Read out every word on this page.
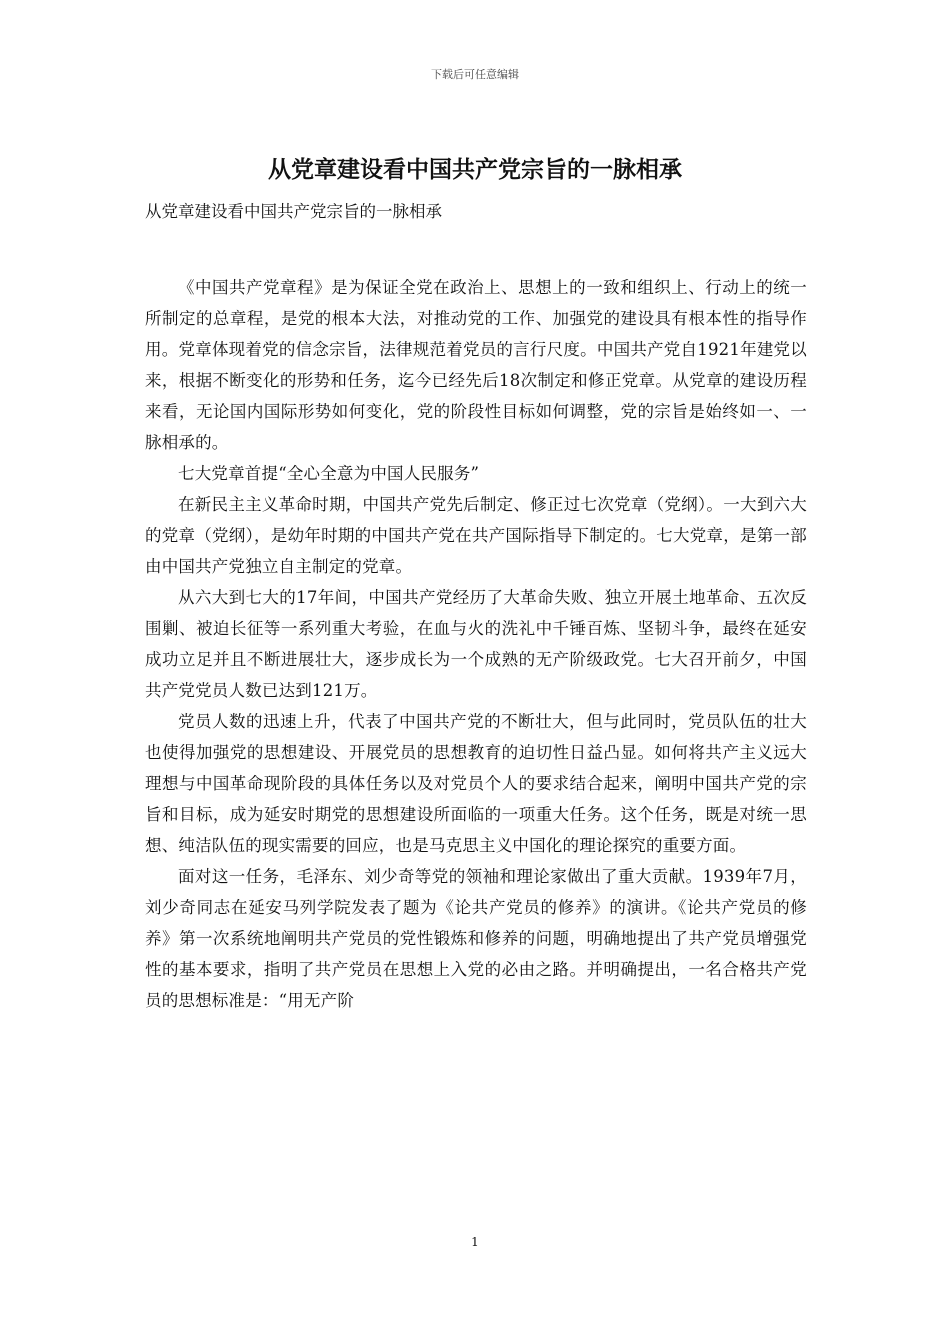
下载后可任意编辑
从党章建设看中国共产党宗旨的一脉相承

从党章建设看中国共产党宗旨的一脉相承

《中国共产党章程》是为保证全党在政治上、思想上的一致和组织上、行动上的统一所制定的总章程，是党的根本大法，对推动党的工作、加强党的建设具有根本性的指导作用。党章体现着党的信念宗旨，法律规范着党员的言行尺度。中国共产党自1921年建党以来，根据不断变化的形势和任务，迄今已经先后18次制定和修正党章。从党章的建设历程来看，无论国内国际形势如何变化，党的阶段性目标如何调整，党的宗旨是始终如一、一脉相承的。

七大党章首提“全心全意为中国人民服务”

在新民主主义革命时期，中国共产党先后制定、修正过七次党章（党纲）。一大到六大的党章（党纲），是幼年时期的中国共产党在共产国际指导下制定的。七大党章，是第一部由中国共产党独立自主制定的党章。

从六大到七大的17年间，中国共产党经历了大革命失败、独立开展土地革命、五次反围剿、被迫长征等一系列重大考验，在血与火的洗礼中千锤百炼、坚韧斗争，最终在延安成功立足并且不断进展壮大，逐步成长为一个成熟的无产阶级政党。七大召开前夕，中国共产党党员人数已达到121万。

党员人数的迅速上升，代表了中国共产党的不断壮大，但与此同时，党员队伍的壮大也使得加强党的思想建设、开展党员的思想教育的迫切性日益凸显。如何将共产主义远大理想与中国革命现阶段的具体任务以及对党员个人的要求结合起来，阐明中国共产党的宗旨和目标，成为延安时期党的思想建设所面临的一项重大任务。这个任务，既是对统一思想、纯洁队伍的现实需要的回应，也是马克思主义中国化的理论探究的重要方面。

面对这一任务，毛泽东、刘少奇等党的领袖和理论家做出了重大贡献。1939年7月，刘少奇同志在延安马列学院发表了题为《论共产党员的修养》的演讲。《论共产党员的修养》第一次系统地阐明共产党员的党性锻炼和修养的问题，明确地提出了共产党员增强党性的基本要求，指明了共产党员在思想上入党的必由之路。并明确提出，一名合格共产党员的思想标准是：“用无产阶

1
